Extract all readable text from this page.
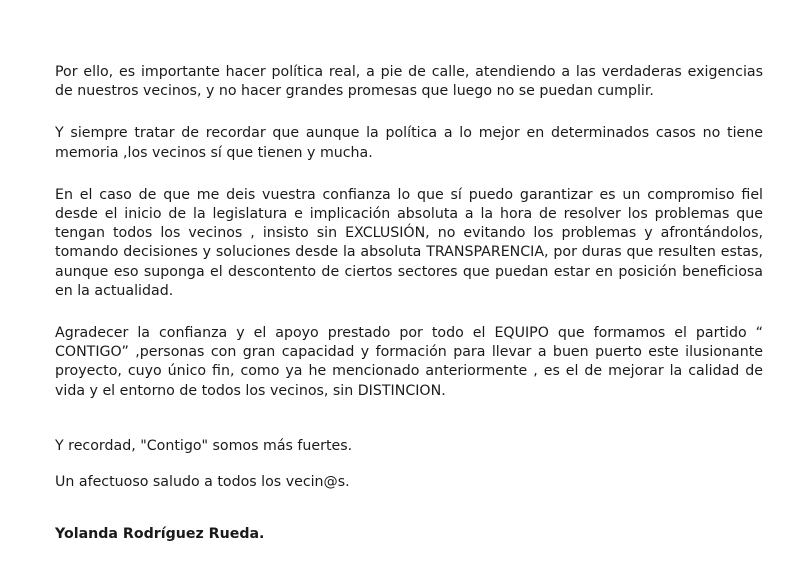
Por ello, es importante hacer política real, a pie de calle, atendiendo a las verdaderas exigencias de nuestros vecinos, y no hacer grandes promesas que luego no se puedan cumplir.

Y siempre tratar de recordar que aunque la política a lo mejor en determinados casos no tiene memoria ,los vecinos sí que tienen y mucha.

En el caso de que me deis vuestra confianza lo que sí puedo garantizar es un compromiso fiel desde el inicio de la legislatura e implicación absoluta a la hora de resolver los problemas que tengan todos los vecinos , insisto sin EXCLUSIÓN, no evitando los problemas y afrontándolos, tomando decisiones y soluciones desde la absoluta TRANSPARENCIA, por duras que resulten estas, aunque eso suponga el descontento de ciertos sectores que puedan estar en posición beneficiosa en la actualidad.

Agradecer la confianza y el apoyo prestado por todo el EQUIPO que formamos el partido “ CONTIGO” ,personas con gran capacidad y formación para llevar a buen puerto este ilusionante proyecto, cuyo único fin, como ya he mencionado anteriormente , es el de mejorar la calidad de vida y el entorno de todos los vecinos, sin DISTINCION.

Y recordad, "Contigo" somos más fuertes.

Un afectuoso saludo a todos los vecin@s.

Yolanda Rodríguez Rueda.
